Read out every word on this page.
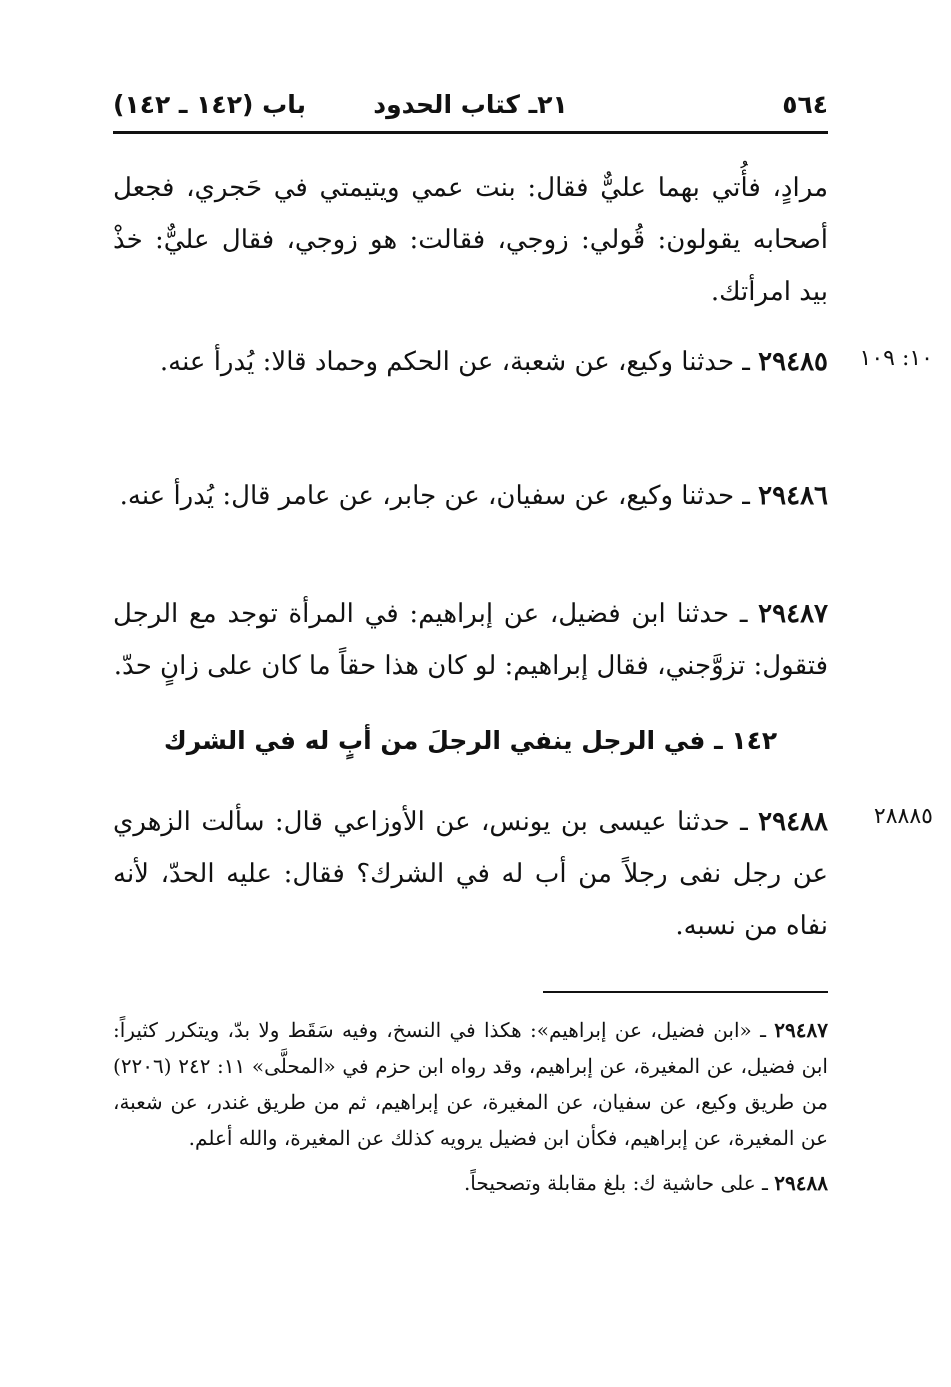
٥٦٤
٢١ـ كتاب الحدود
باب (١٤٢ ـ ١٤٢)

مرادٍ، فأُتي بهما عليٌّ فقال: بنت عمي ويتيمتي في حَجري، فجعل أصحابه يقولون: قُولي: زوجي، فقالت: هو زوجي، فقال عليٌّ: خذْ بيد امرأتك.

٢٩٤٨٥ ـ حدثنا وكيع، عن شعبة، عن الحكم وحماد قالا: يُدرأ عنه.

٢٩٤٨٦ ـ حدثنا وكيع، عن سفيان، عن جابر، عن عامر قال: يُدرأ عنه.

٢٩٤٨٧ ـ حدثنا ابن فضيل، عن إبراهيم: في المرأة توجد مع الرجل فتقول: تزوَّجني، فقال إبراهيم: لو كان هذا حقاً ما كان على زانٍ حدّ.

٢٩٤٨٨ ـ حدثنا عيسى بن يونس، عن الأوزاعي قال: سألت الزهري عن رجل نفى رجلاً من أب له في الشرك؟ فقال: عليه الحدّ، لأنه نفاه من نسبه.

١٠: ١٠٩
٢٨٨٨٥
١٤٢ ـ في الرجل ينفي الرجلَ من أبٍ له في الشرك

٢٩٤٨٧ ـ «ابن فضيل، عن إبراهيم»: هكذا في النسخ، وفيه سَقَط ولا بدّ، ويتكرر كثيراً: ابن فضيل، عن المغيرة، عن إبراهيم، وقد رواه ابن حزم في «المحلَّى» ١١: ٢٤٢ (٢٢٠٦) من طريق وكيع، عن سفيان، عن المغيرة، عن إبراهيم، ثم من طريق غندر، عن شعبة، عن المغيرة، عن إبراهيم، فكأن ابن فضيل يرويه كذلك عن المغيرة، والله أعلم.

٢٩٤٨٨ ـ على حاشية ك: بلغ مقابلة وتصحيحاً.
